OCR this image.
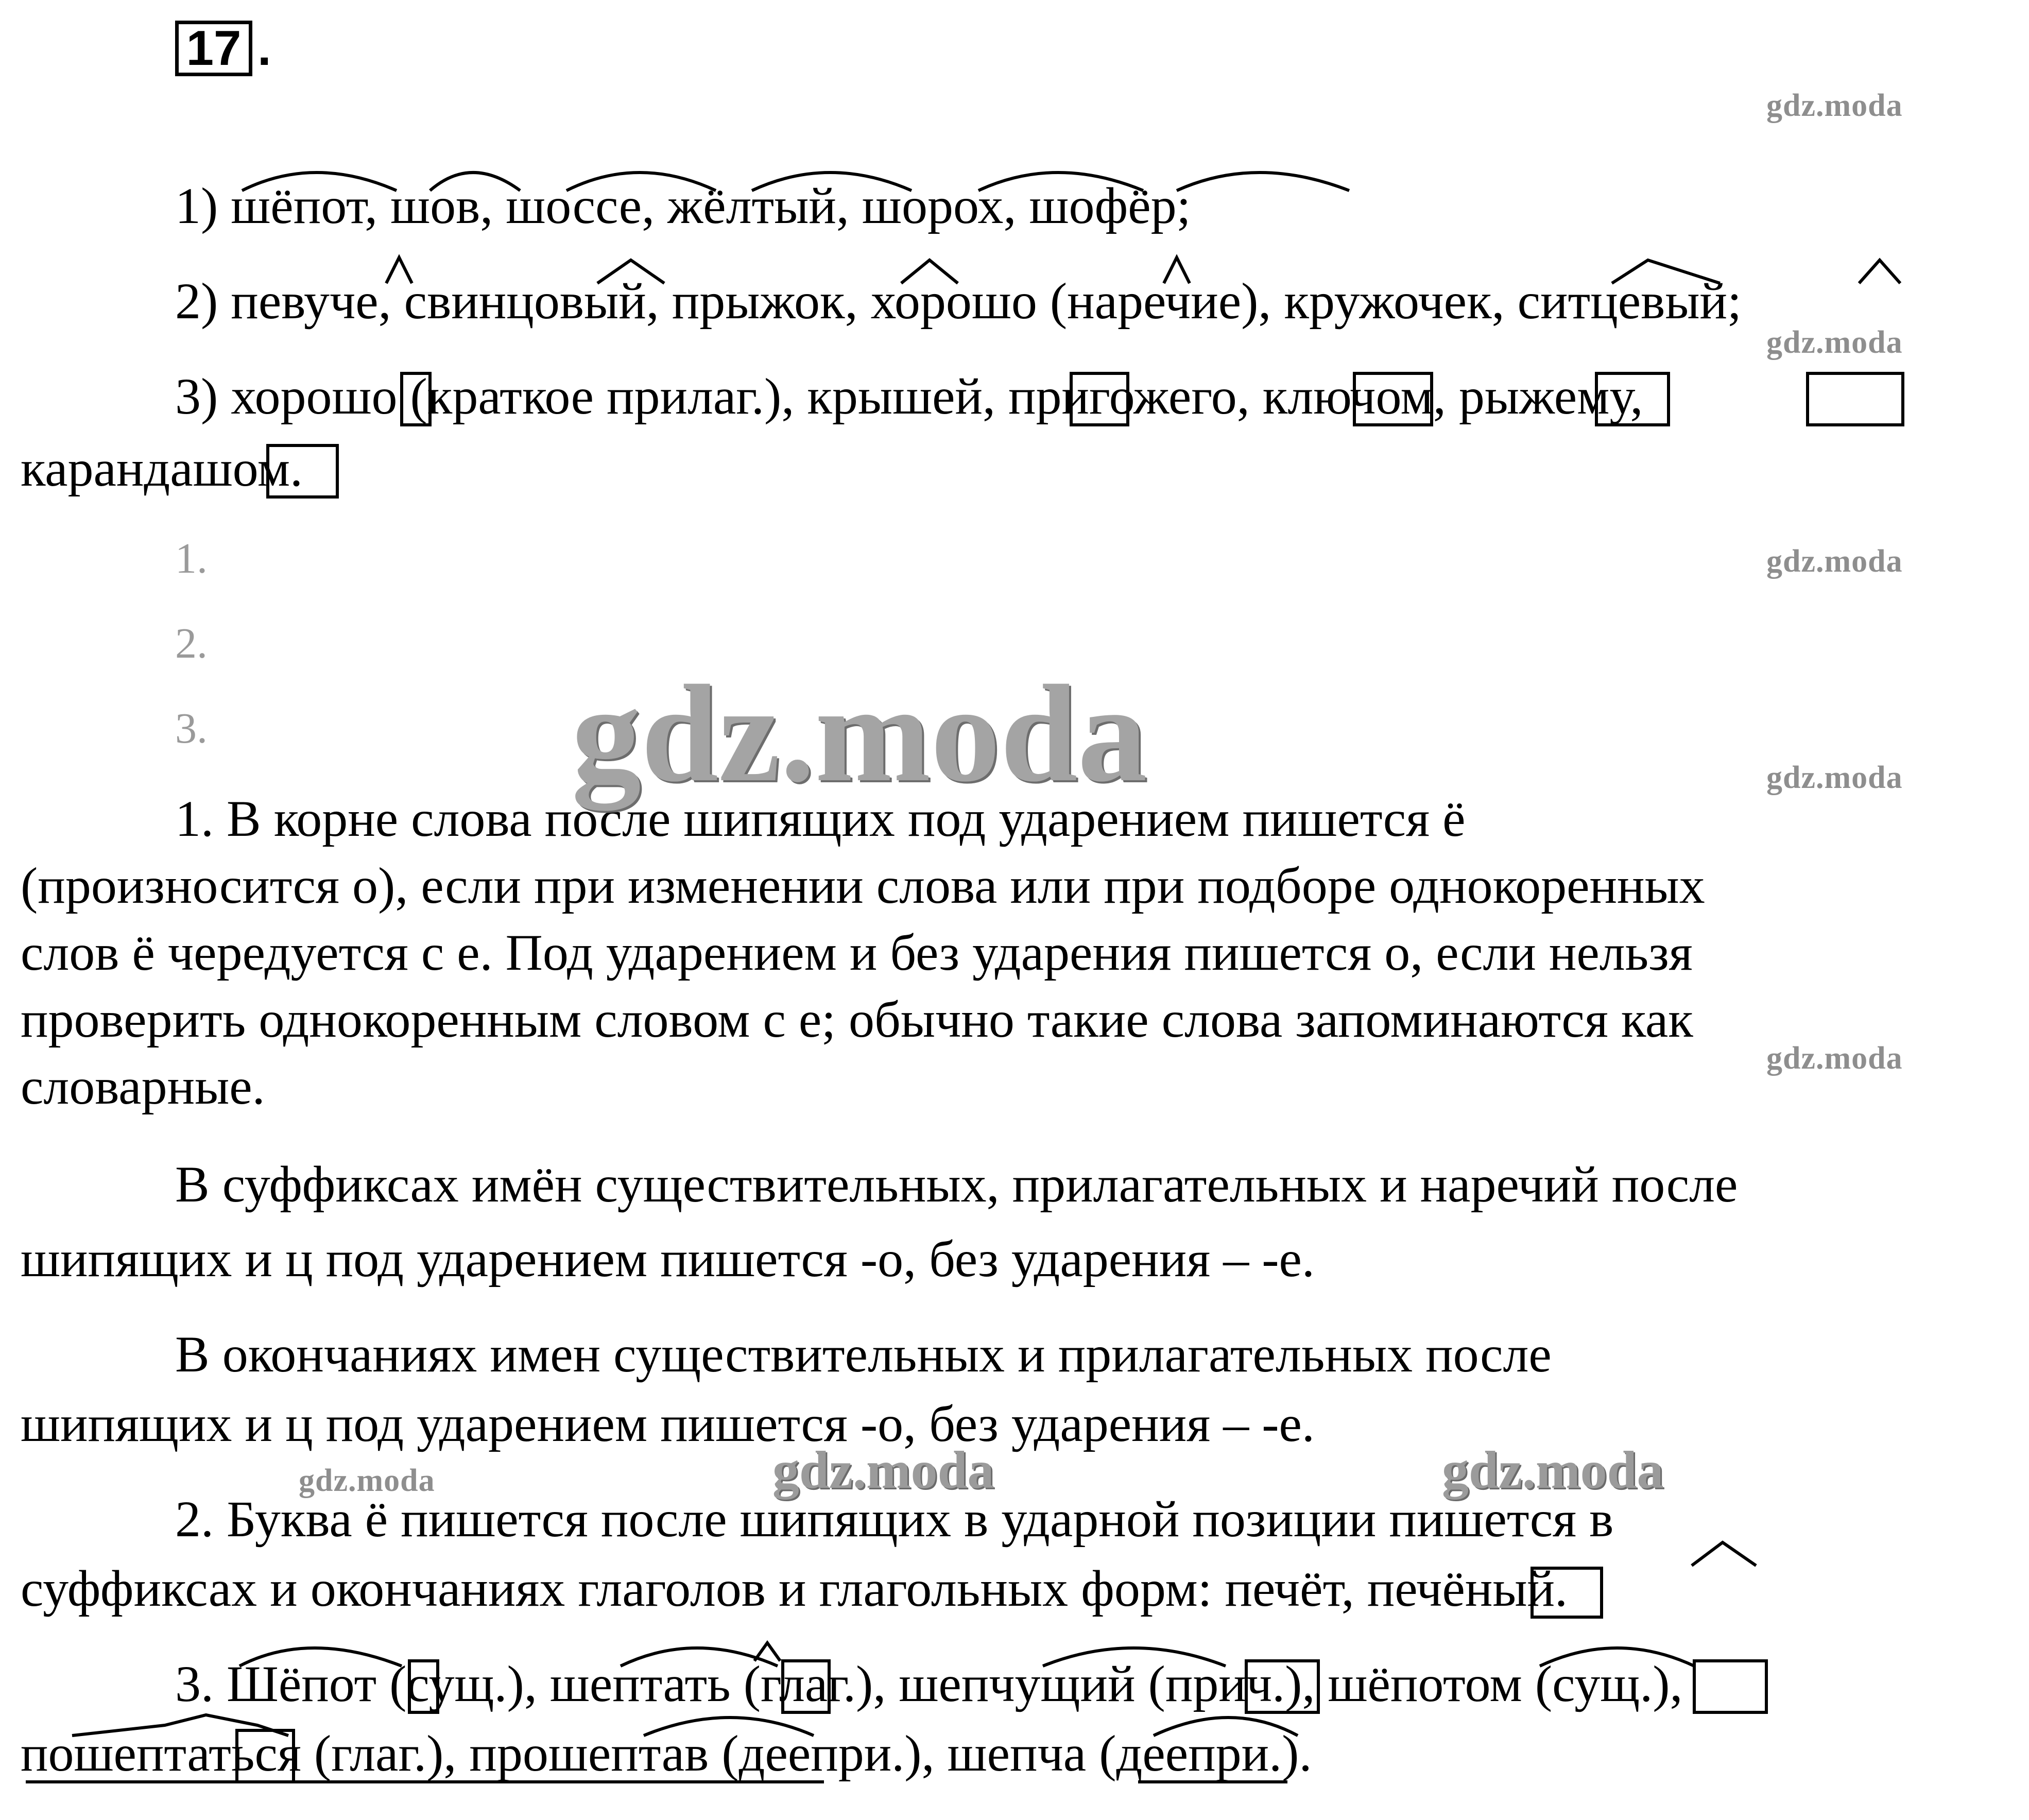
17 .
1) шёпот, шов, шоссе, жёлтый, шорох, шофёр;
2) певуче, свинцовый, прыжок, хорошо (наречие), кружочек, ситцевый;
3) хорошо (краткое прилаг.), крышей, пригожего, ключом, рыжему,
карандашом.
1.
2.
3.
1. В корне слова после шипящих под ударением пишется ё
(произносится о), если при изменении слова или при подборе однокоренных
слов ё чередуется с е. Под ударением и без ударения пишется о, если нельзя
проверить однокоренным словом с е; обычно такие слова запоминаются как
словарные.
В суффиксах имён существительных, прилагательных и наречий после
шипящих и ц под ударением пишется -о, без ударения – -е.
В окончаниях имен существительных и прилагательных после
шипящих и ц под ударением пишется -о, без ударения – -е.
2. Буква ё пишется после шипящих в ударной позиции пишется в
суффиксах и окончаниях глаголов и глагольных форм: печёт, печёный.
3. Шёпот (сущ.), шептать (глаг.), шепчущий (прич.), шёпотом (сущ.),
пошептаться (глаг.), прошептав (деепри.), шепча (деепри.).
gdz.moda
gdz.moda
gdz.moda
gdz.moda
gdz.moda
gdz.moda	gdz.moda	gdz.moda
gdz.moda
